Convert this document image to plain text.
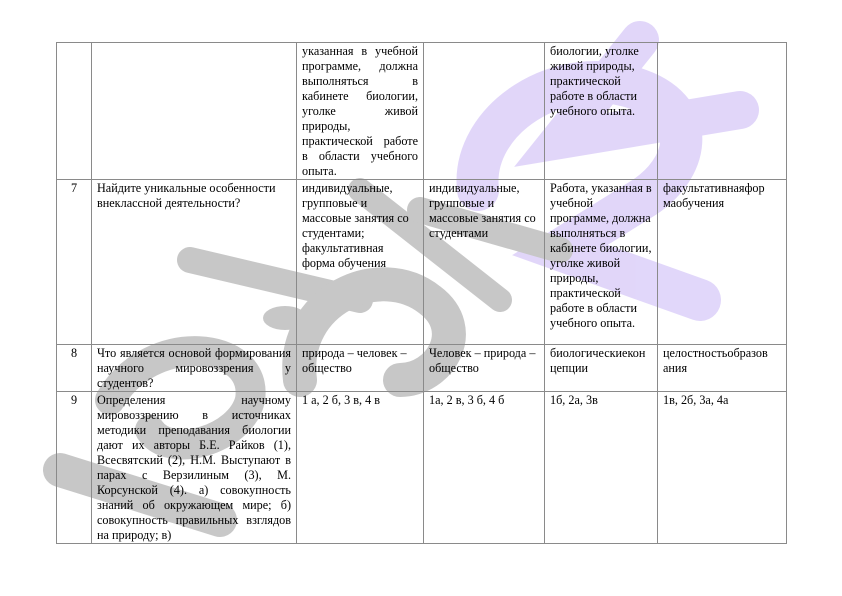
		указанная в учебной программе, должна выполняться в кабинете биологии, уголке живой природы, практической работе в области учебного опыта.		биологии, уголке живой природы, практической работе в области учебного опыта.	
7	Найдите уникальные особенности внеклассной деятельности?	индивидуальные, групповые и массовые занятия со студентами; факультативная форма обучения	индивидуальные, групповые и массовые занятия со студентами	Работа, указанная в учебной программе, должна выполняться в кабинете биологии, уголке живой природы, практической работе в области учебного опыта.	факультативнаяфор маобучения
8	Что является основой формирования научного мировоззрения у студентов?	природа – человек – общество	Человек – природа – общество	биологическиекон цепции	целостностьобразов ания
9	Определения научному мировоззрению в источниках методики преподавания биологии дают их авторы Б.Е. Райков (1), Всесвятский (2), Н.М. Выступают в парах с Верзилиным (3), М. Корсунской (4). а) совокупность знаний об окружающем мире; б) совокупность правильных взглядов на природу; в)	1 а, 2 б, 3 в, 4 в	1a, 2 в, 3 б, 4 б	1б, 2а, 3в	1в, 2б, 3а, 4а
